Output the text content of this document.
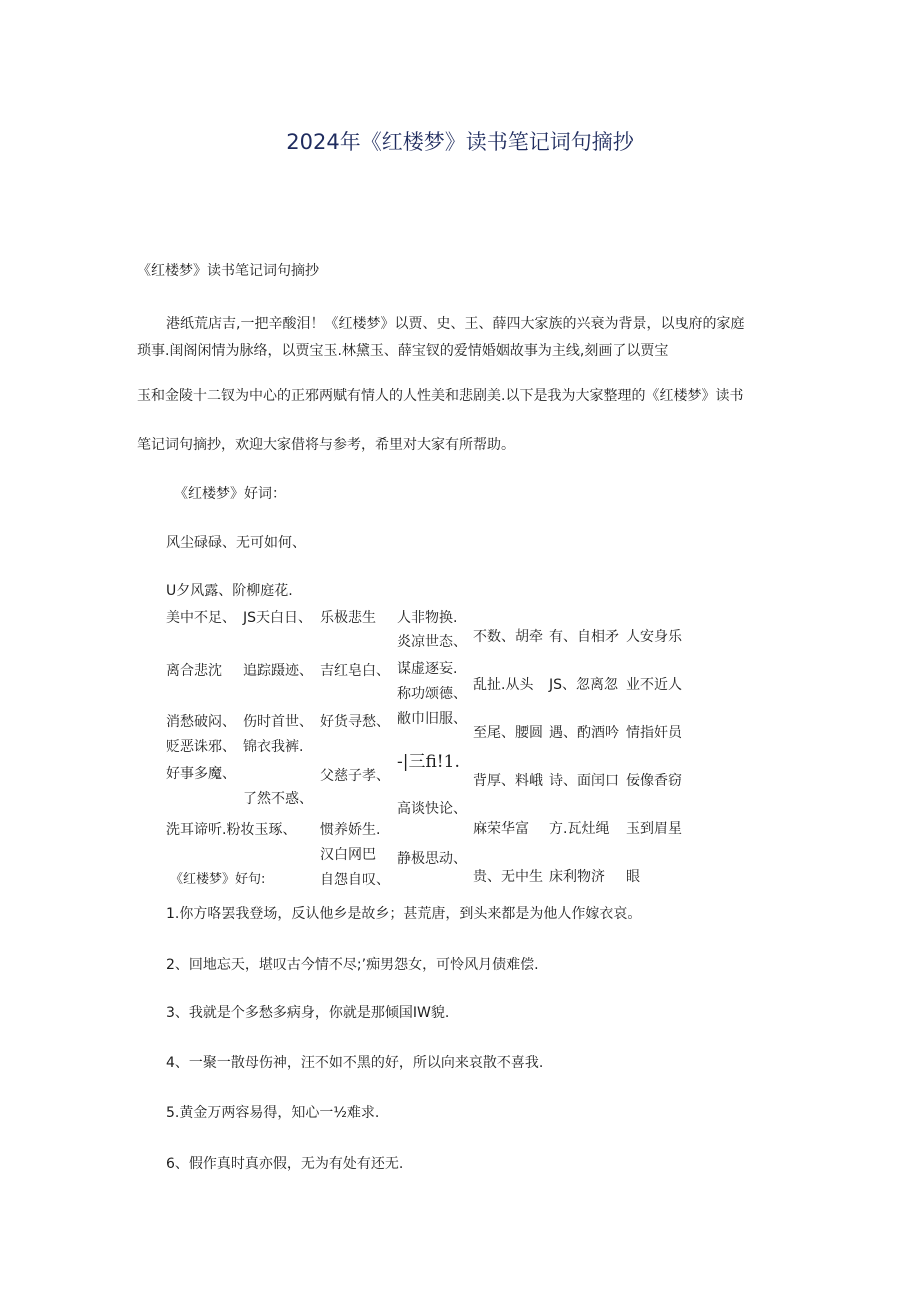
2024年《红楼梦》读书笔记词句摘抄
《红楼梦》读书笔记词句摘抄
港纸荒店吉,一把辛酸泪！《红楼梦》以贾、史、王、薛四大家族的兴衰为背景，以曳府的家庭
琐事.闺阁闲情为脉络，以贾宝玉.林黛玉、薛宝钗的爱情婚姻故事为主线,刻画了以贾宝
玉和金陵十二钗为中心的正邪两赋有情人的人性美和悲剧美.以下是我为大家整理的《红楼梦》读书
笔记词句摘抄，欢迎大家借将与参考，希里对大家有所帮助。
《红楼梦》好词：
风尘碌碌、无可如何、
U夕风露、阶柳庭花.
美中不足、
离合悲沈
消愁破闷、
贬恶诛邪、
好事多魔、
洗耳谛听.粉妆玉琢、
JS天白日、
追踪蹑迹、
伤时首世、
锦衣我裤.
了然不惑、
乐极悲生
吉红皂白、
好货寻愁、
父慈子孝、
惯养娇生.
汉白网巴
自怨自叹、
人非物换.
炎凉世态、
谋虚逐妄.
称功颂德、
敝巾旧服、
高谈快论、
静极思动、
-|三fi!1.
不数、胡牵
乱扯.从头
至尾、腰圆
背厚、料峨
麻荣华富
贵、无中生
有、自相矛
JS、忽离忽
遇、酌酒吟
诗、面闰口
方.瓦灶绳
床利物济
人安身乐
业不近人
情指奸员
佞像香窃
玉到眉星
眼
《红楼梦》好句:
1.你方咯罢我登场，反认他乡是故乡；甚荒唐，到头来都是为他人作嫁衣哀。
2、回地忘天，堪叹古今情不尽;’痴男怨女，可怜风月债难偿.
3、我就是个多愁多病身，你就是那倾国IW貌.
4、一聚一散母伤神，汪不如不黑的好，所以向来哀散不喜我.
5.黄金万两容易得，知心一½难求.
6、假作真时真亦假，无为有处有还无.
